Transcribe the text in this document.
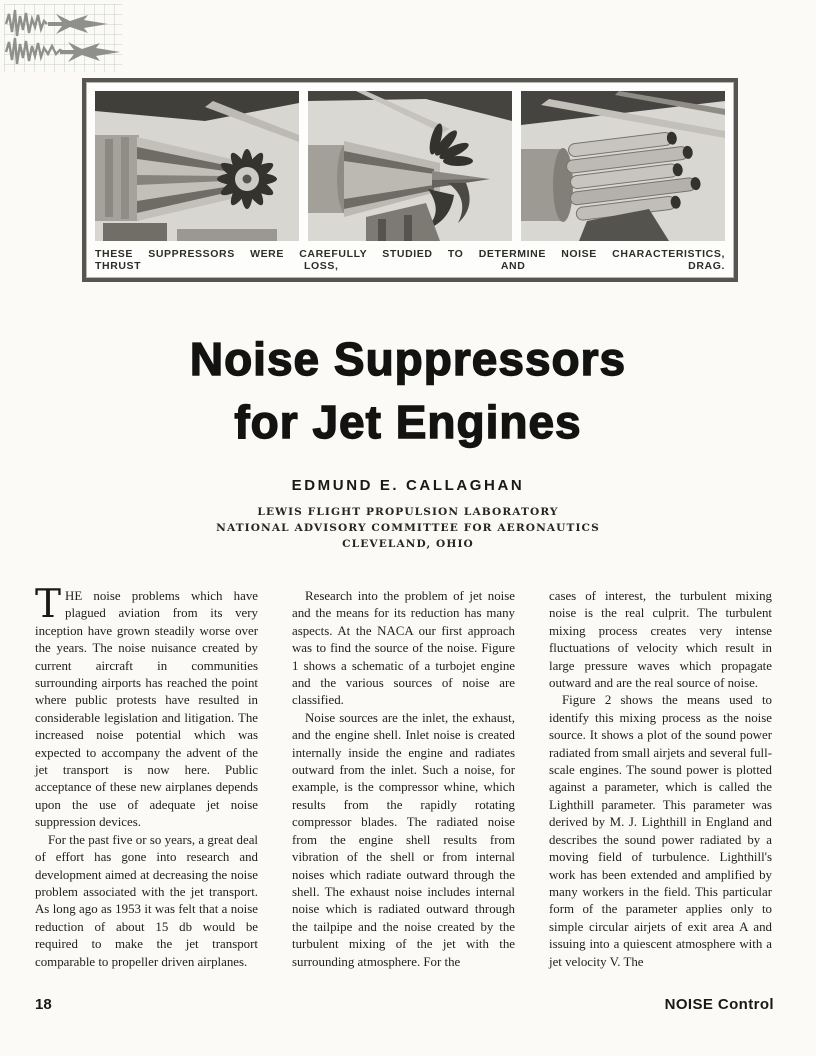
THESE SUPPRESSORS WERE CAREFULLY STUDIED TO DETERMINE NOISE CHARACTERISTICS, THRUST LOSS, AND DRAG.
Noise Suppressors
for Jet Engines
EDMUND E. CALLAGHAN
LEWIS FLIGHT PROPULSION LABORATORY
NATIONAL ADVISORY COMMITTEE FOR AERONAUTICS
CLEVELAND, OHIO

THE noise problems which have plagued aviation from its very inception have grown steadily worse over the years. The noise nuisance created by current aircraft in communities surrounding airports has reached the point where public protests have resulted in considerable legislation and litigation. The increased noise potential which was expected to accompany the advent of the jet transport is now here. Public acceptance of these new airplanes depends upon the use of adequate jet noise suppression devices.

For the past five or so years, a great deal of effort has gone into research and development aimed at decreasing the noise problem associated with the jet transport. As long ago as 1953 it was felt that a noise reduction of about 15 db would be required to make the jet transport comparable to propeller driven airplanes.

Research into the problem of jet noise and the means for its reduction has many aspects. At the NACA our first approach was to find the source of the noise. Figure 1 shows a schematic of a turbojet engine and the various sources of noise are classified.

Noise sources are the inlet, the exhaust, and the engine shell. Inlet noise is created internally inside the engine and radiates outward from the inlet. Such a noise, for example, is the compressor whine, which results from the rapidly rotating compressor blades. The radiated noise from the engine shell results from vibration of the shell or from internal noises which radiate outward through the shell. The exhaust noise includes internal noise which is radiated outward through the tailpipe and the noise created by the turbulent mixing of the jet with the surrounding atmosphere. For the

cases of interest, the turbulent mixing noise is the real culprit. The turbulent mixing process creates very intense fluctuations of velocity which result in large pressure waves which propagate outward and are the real source of noise.

Figure 2 shows the means used to identify this mixing process as the noise source. It shows a plot of the sound power radiated from small airjets and several full-scale engines. The sound power is plotted against a parameter, which is called the Lighthill parameter. This parameter was derived by M. J. Lighthill in England and describes the sound power radiated by a moving field of turbulence. Lighthill's work has been extended and amplified by many workers in the field. This particular form of the parameter applies only to simple circular airjets of exit area A and issuing into a quiescent atmosphere with a jet velocity V. The

18	NOISE Control
